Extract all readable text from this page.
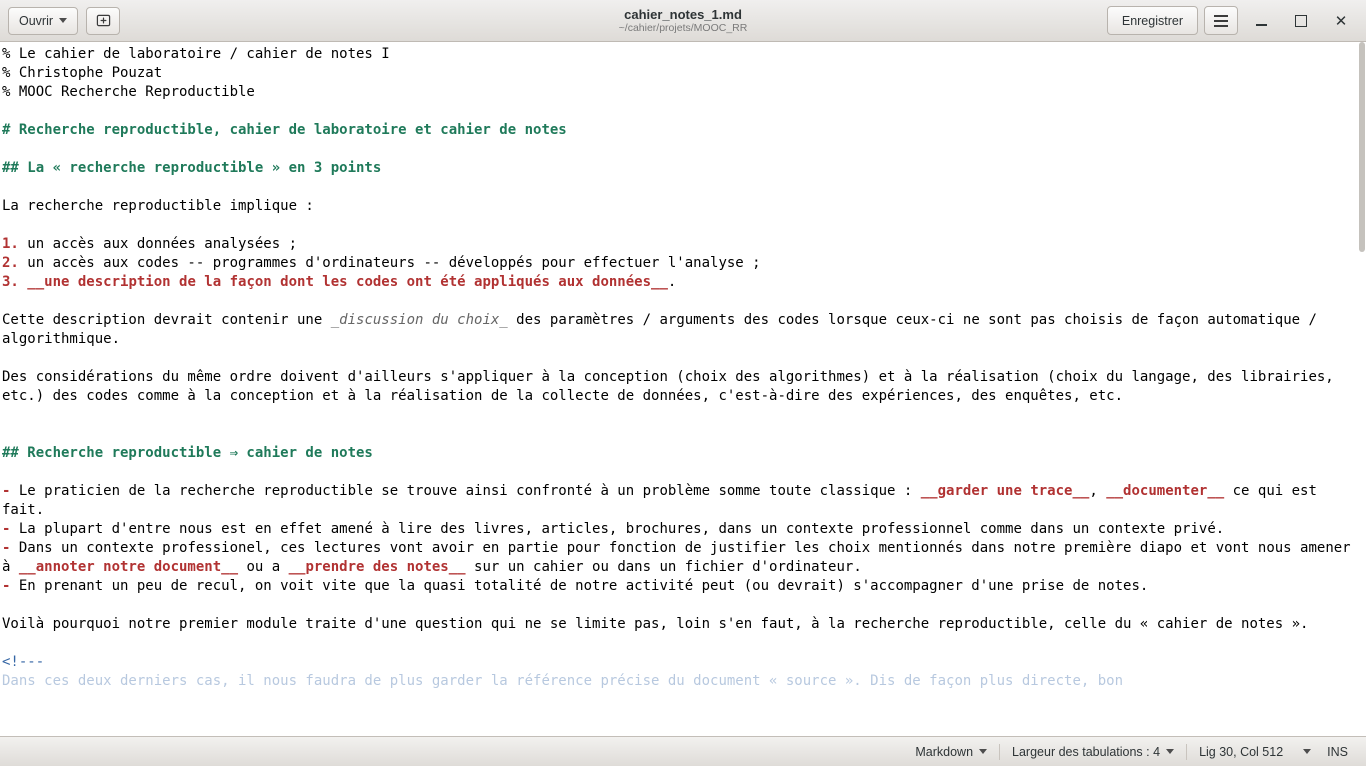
Ouvrir	cahier_notes_1.md
~/cahier/projets/MOOC_RR	Enregistrer	✕
% Le cahier de laboratoire / cahier de notes I
% Christophe Pouzat
% MOOC Recherche Reproductible

# Recherche reproductible, cahier de laboratoire et cahier de notes

## La « recherche reproductible » en 3 points

La recherche reproductible implique :

1. un accès aux données analysées ;
2. un accès aux codes -- programmes d'ordinateurs -- développés pour effectuer l'analyse ;
3. __une description de la façon dont les codes ont été appliqués aux données__.

Cette description devrait contenir une _discussion du choix_ des paramètres / arguments des codes lorsque ceux-ci ne sont pas choisis de façon automatique / algorithmique.

Des considérations du même ordre doivent d'ailleurs s'appliquer à la conception (choix des algorithmes) et à la réalisation (choix du langage, des librairies, etc.) des codes comme à la conception et à la réalisation de la collecte de données, c'est-à-dire des expériences, des enquêtes, etc.

## Recherche reproductible ⇒ cahier de notes

- Le praticien de la recherche reproductible se trouve ainsi confronté à un problème somme toute classique : __garder une trace__, __documenter__ ce qui est fait.
- La plupart d'entre nous est en effet amené à lire des livres, articles, brochures, dans un contexte professionnel comme dans un contexte privé.
- Dans un contexte professionel, ces lectures vont avoir en partie pour fonction de justifier les choix mentionnés dans notre première diapo et vont nous amener à __annoter notre document__ ou a __prendre des notes__ sur un cahier ou dans un fichier d'ordinateur.
- En prenant un peu de recul, on voit vite que la quasi totalité de notre activité peut (ou devrait) s'accompagner d'une prise de notes.

Voilà pourquoi notre premier module traite d'une question qui ne se limite pas, loin s'en faut, à la recherche reproductible, celle du « cahier de notes ».

<!---
Dans ces deux derniers cas, il nous faudra de plus garder la référence précise du document « source ». Dis de façon plus directe, bon
Markdown	Largeur des tabulations : 4	Lig 30, Col 512	INS
